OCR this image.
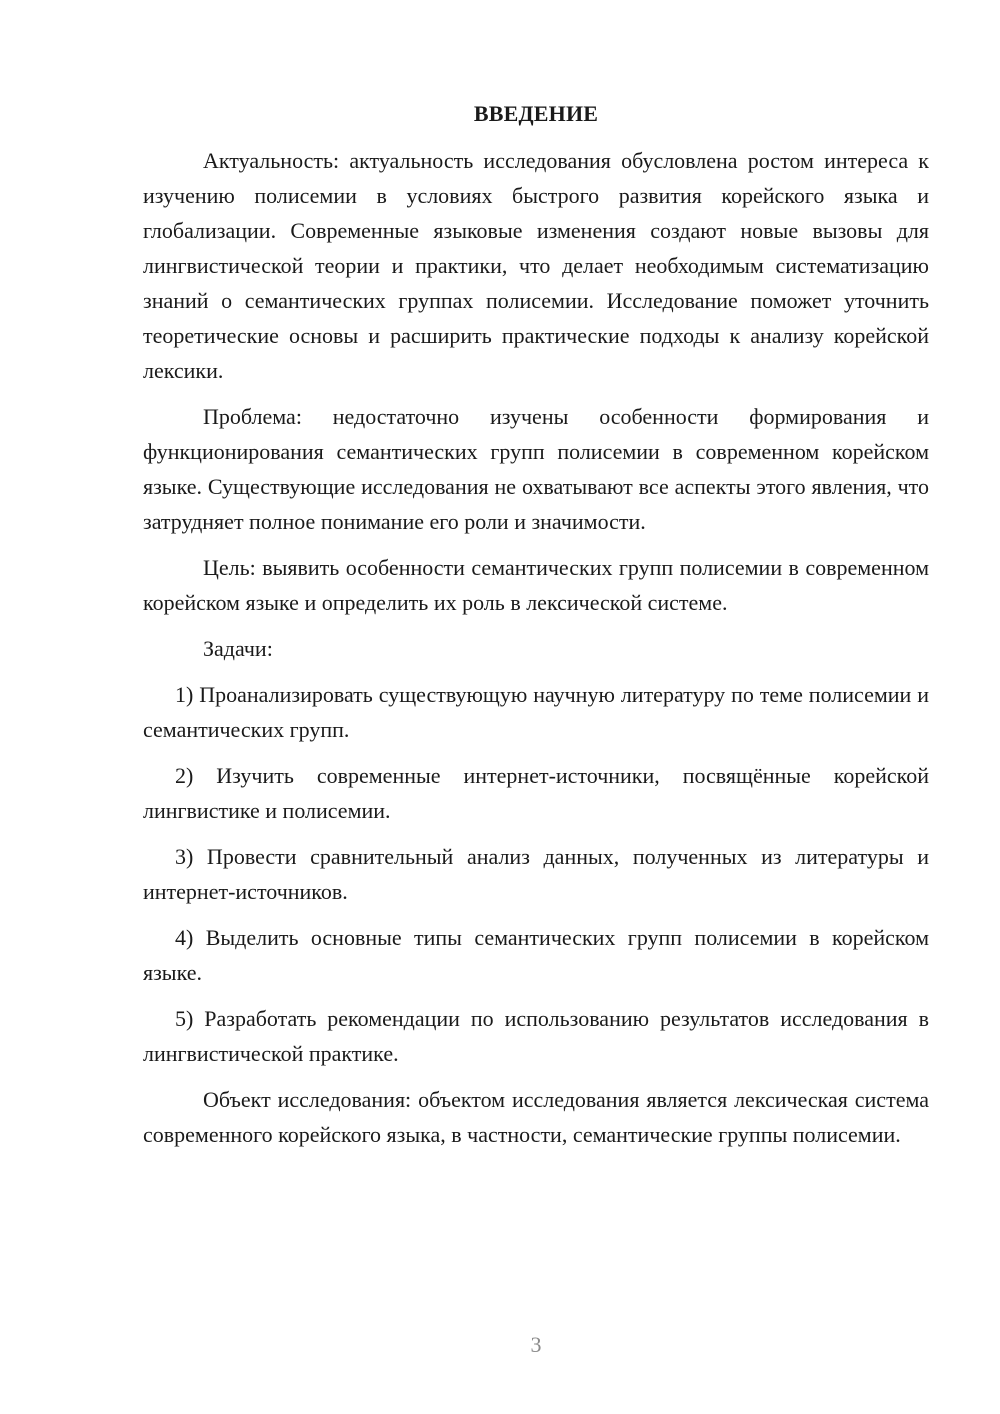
ВВЕДЕНИЕ

Актуальность: актуальность исследования обусловлена ростом интереса к изучению полисемии в условиях быстрого развития корейского языка и глобализации. Современные языковые изменения создают новые вызовы для лингвистической теории и практики, что делает необходимым систематизацию знаний о семантических группах полисемии. Исследование поможет уточнить теоретические основы и расширить практические подходы к анализу корейской лексики.

Проблема: недостаточно изучены особенности формирования и функционирования семантических групп полисемии в современном корейском языке. Существующие исследования не охватывают все аспекты этого явления, что затрудняет полное понимание его роли и значимости.

Цель: выявить особенности семантических групп полисемии в современном корейском языке и определить их роль в лексической системе.

Задачи:

1) Проанализировать существующую научную литературу по теме полисемии и семантических групп.

2) Изучить современные интернет-источники, посвящённые корейской лингвистике и полисемии.

3) Провести сравнительный анализ данных, полученных из литературы и интернет-источников.

4) Выделить основные типы семантических групп полисемии в корейском языке.

5) Разработать рекомендации по использованию результатов исследования в лингвистической практике.

Объект исследования: объектом исследования является лексическая система современного корейского языка, в частности, семантические группы полисемии.

3
